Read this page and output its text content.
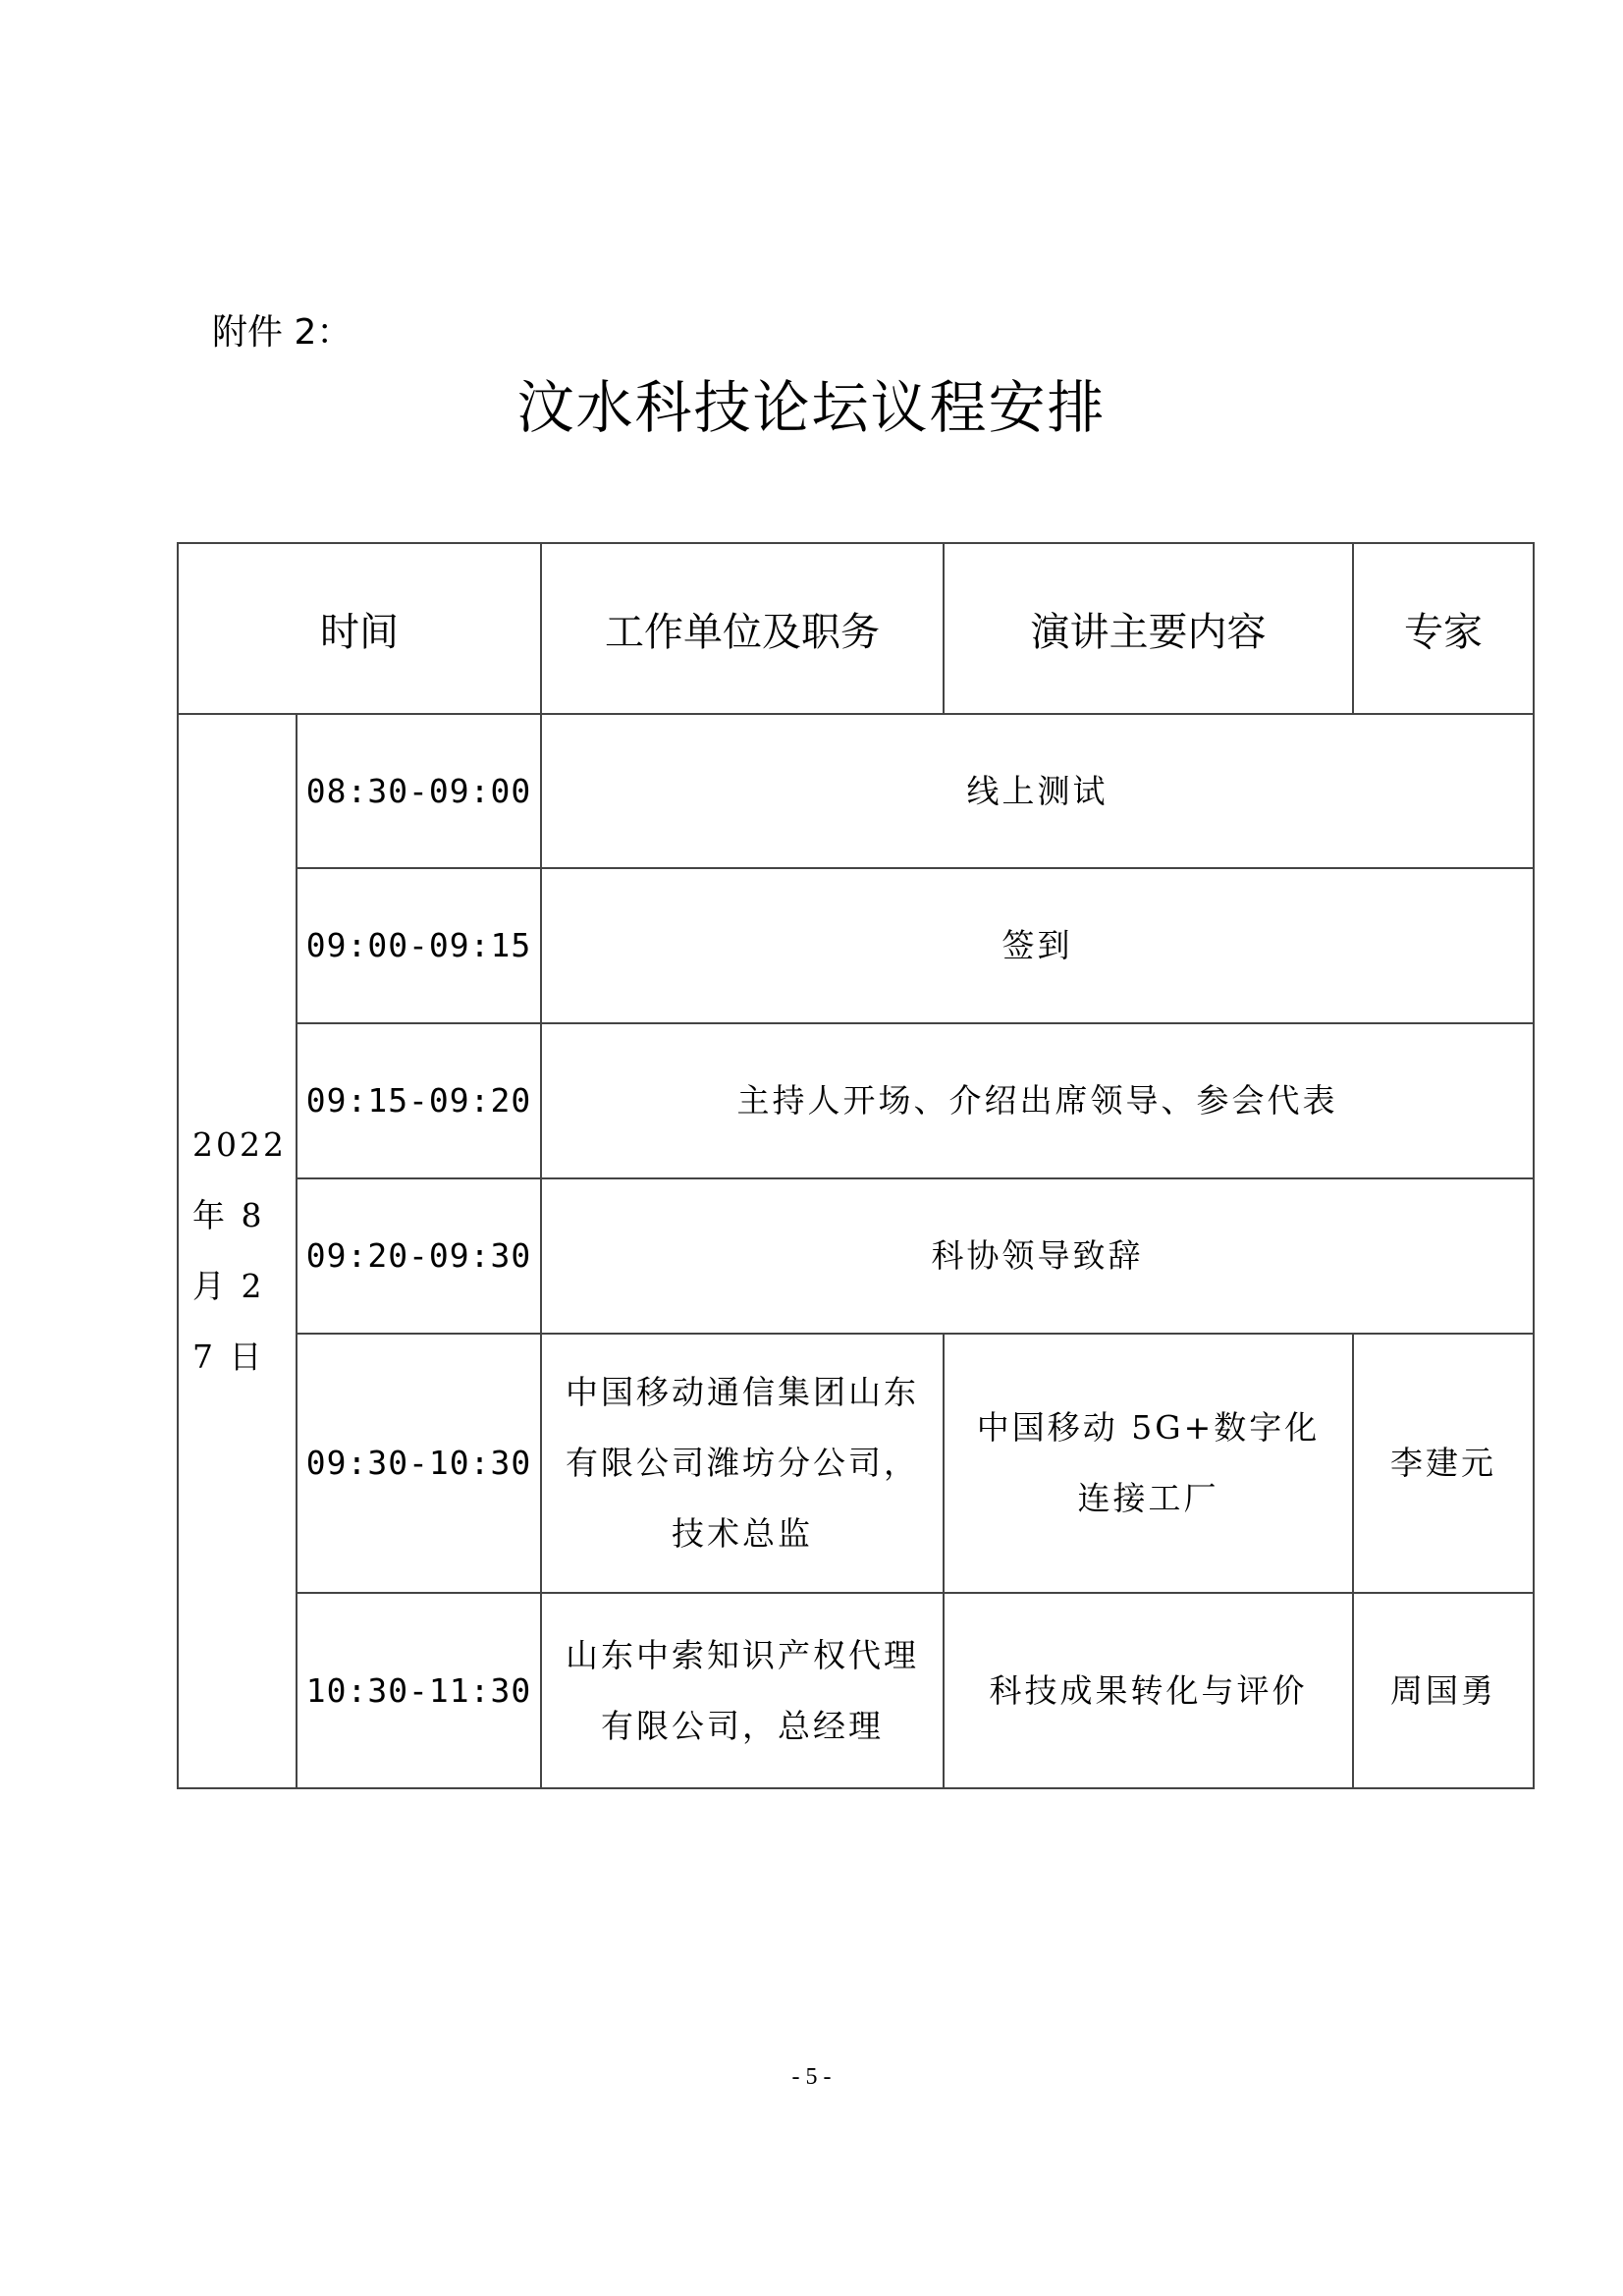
附件 2：
汶水科技论坛议程安排
时间		工作单位及职务	演讲主要内容	专家
2022 年 8 月 27 日	08:30-09:00	线上测试		
	09:00-09:15	签到		
	09:15-09:20	主持人开场、介绍出席领导、参会代表		
	09:20-09:30	科协领导致辞		
	09:30-10:30	中国移动通信集团山东有限公司潍坊分公司，技术总监	中国移动 5G+数字化连接工厂	李建元
	10:30-11:30	山东中索知识产权代理有限公司，总经理	科技成果转化与评价	周国勇
- 5 -
